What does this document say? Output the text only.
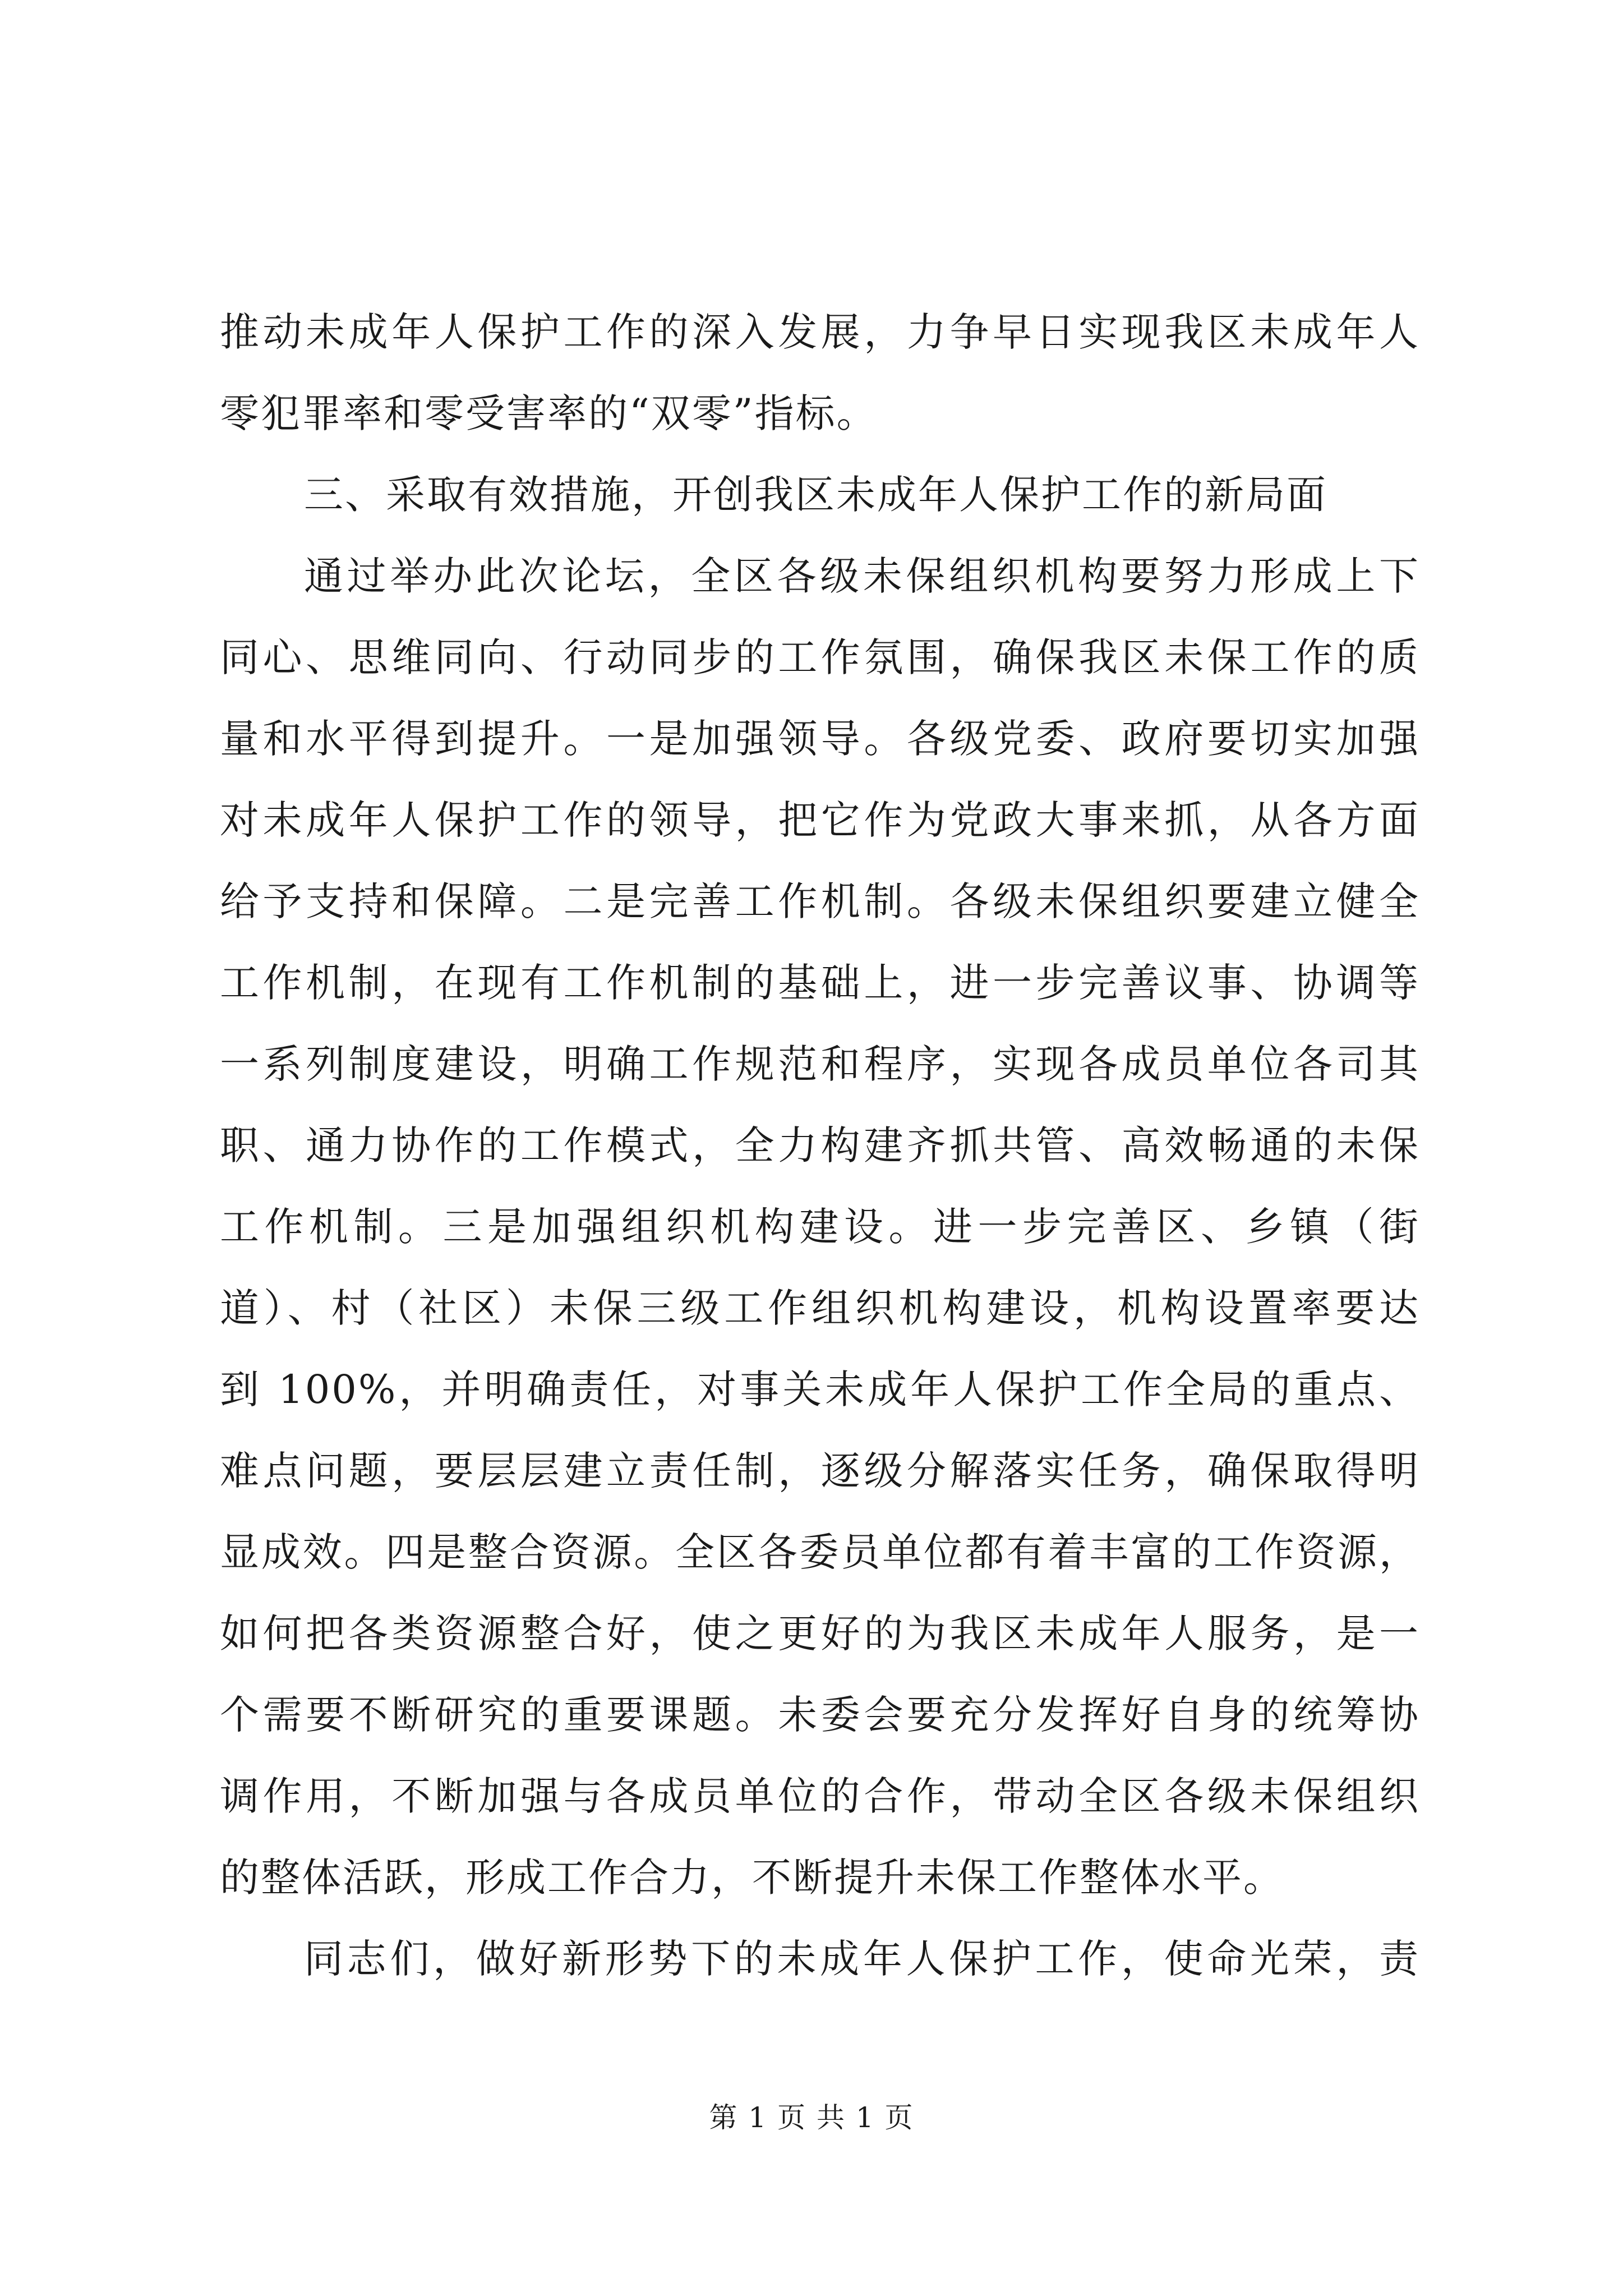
推动未成年人保护工作的深入发展，力争早日实现我区未成年人
零犯罪率和零受害率的“双零”指标。
三、采取有效措施，开创我区未成年人保护工作的新局面
通过举办此次论坛，全区各级未保组织机构要努力形成上下
同心、思维同向、行动同步的工作氛围，确保我区未保工作的质
量和水平得到提升。一是加强领导。各级党委、政府要切实加强
对未成年人保护工作的领导，把它作为党政大事来抓，从各方面
给予支持和保障。二是完善工作机制。各级未保组织要建立健全
工作机制，在现有工作机制的基础上，进一步完善议事、协调等
一系列制度建设，明确工作规范和程序，实现各成员单位各司其
职、通力协作的工作模式，全力构建齐抓共管、高效畅通的未保
工作机制。三是加强组织机构建设。进一步完善区、乡镇（街
道）、村（社区）未保三级工作组织机构建设，机构设置率要达
到 100%，并明确责任，对事关未成年人保护工作全局的重点、
难点问题，要层层建立责任制，逐级分解落实任务，确保取得明
显成效。四是整合资源。全区各委员单位都有着丰富的工作资源，
如何把各类资源整合好，使之更好的为我区未成年人服务，是一
个需要不断研究的重要课题。未委会要充分发挥好自身的统筹协
调作用，不断加强与各成员单位的合作，带动全区各级未保组织
的整体活跃，形成工作合力，不断提升未保工作整体水平。
同志们，做好新形势下的未成年人保护工作，使命光荣，责
第 1 页 共 1 页
